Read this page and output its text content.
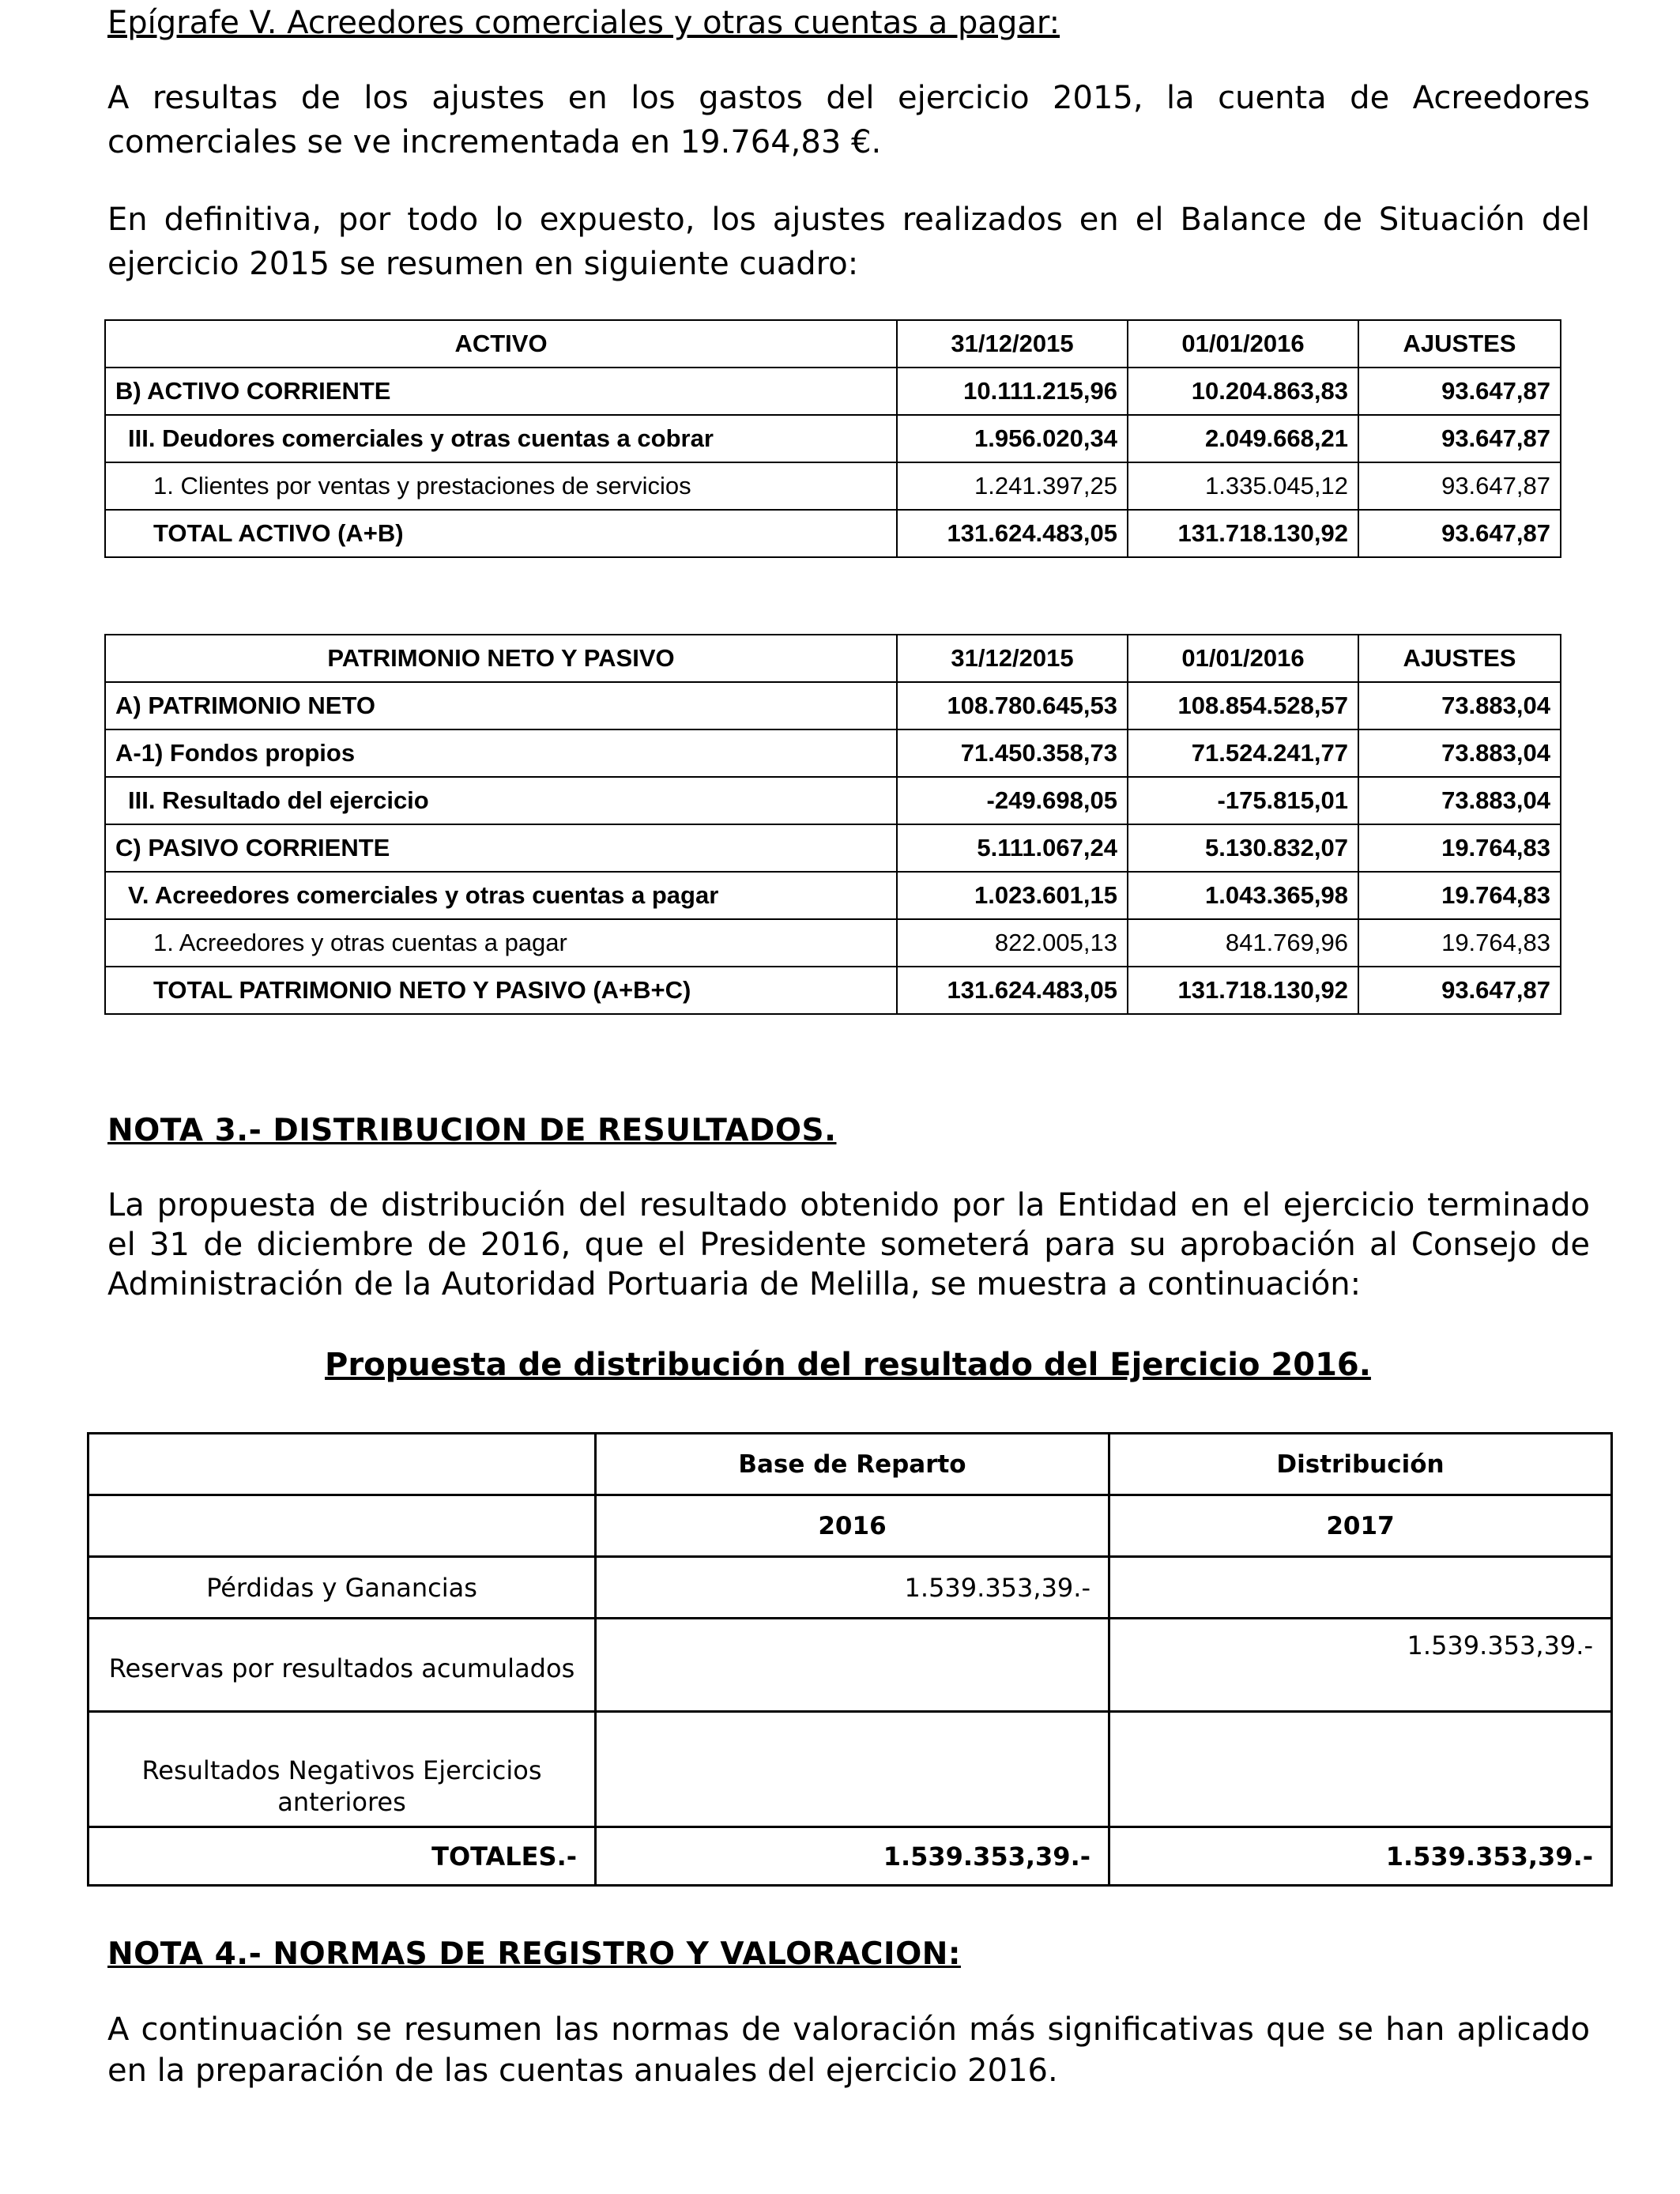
Epígrafe V. Acreedores comerciales y otras cuentas a pagar:
A resultas de los ajustes en los gastos del ejercicio 2015, la cuenta de Acreedores comerciales se ve incrementada en 19.764,83 €.
En definitiva, por todo lo expuesto, los ajustes realizados en el Balance de Situación del ejercicio 2015 se resumen en siguiente cuadro:
ACTIVO	31/12/2015	01/01/2016	AJUSTES
B) ACTIVO CORRIENTE	10.111.215,96	10.204.863,83	93.647,87
III. Deudores comerciales y otras cuentas a cobrar	1.956.020,34	2.049.668,21	93.647,87
1. Clientes por ventas y prestaciones de servicios	1.241.397,25	1.335.045,12	93.647,87
TOTAL ACTIVO (A+B)	131.624.483,05	131.718.130,92	93.647,87
PATRIMONIO NETO Y PASIVO	31/12/2015	01/01/2016	AJUSTES
A) PATRIMONIO NETO	108.780.645,53	108.854.528,57	73.883,04
A-1) Fondos propios	71.450.358,73	71.524.241,77	73.883,04
III. Resultado del ejercicio	-249.698,05	-175.815,01	73.883,04
C) PASIVO CORRIENTE	5.111.067,24	5.130.832,07	19.764,83
V. Acreedores comerciales y otras cuentas a pagar	1.023.601,15	1.043.365,98	19.764,83
1. Acreedores y otras cuentas a pagar	822.005,13	841.769,96	19.764,83
TOTAL PATRIMONIO NETO Y PASIVO (A+B+C)	131.624.483,05	131.718.130,92	93.647,87
NOTA 3.- DISTRIBUCION DE RESULTADOS.
La propuesta de distribución del resultado obtenido por la Entidad en el ejercicio terminado el 31 de diciembre de 2016, que el Presidente someterá para su aprobación al Consejo de Administración de la Autoridad Portuaria de Melilla, se muestra a continuación:
Propuesta de distribución del resultado del Ejercicio 2016.
	Base de Reparto	Distribución
	2016	2017
Pérdidas y Ganancias	1.539.353,39.-	
Reservas por resultados acumulados		1.539.353,39.-
Resultados Negativos Ejercicios anteriores		
TOTALES.-	1.539.353,39.-	1.539.353,39.-
NOTA 4.- NORMAS DE REGISTRO Y VALORACION:
A continuación se resumen las normas de valoración más significativas que se han aplicado en la preparación de las cuentas anuales del ejercicio 2016.
